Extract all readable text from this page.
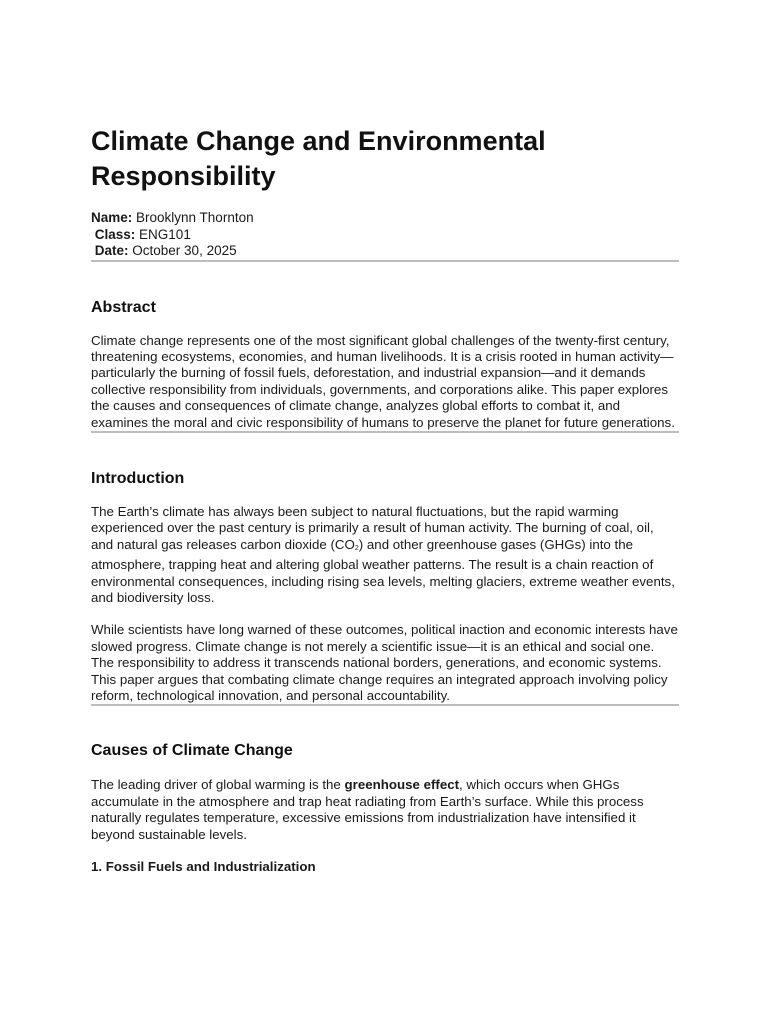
Climate Change and Environmental Responsibility
Name: Brooklynn Thornton
Class: ENG101
Date: October 30, 2025
Abstract

Climate change represents one of the most significant global challenges of the twenty-first century, threatening ecosystems, economies, and human livelihoods. It is a crisis rooted in human activity—particularly the burning of fossil fuels, deforestation, and industrial expansion—and it demands collective responsibility from individuals, governments, and corporations alike. This paper explores the causes and consequences of climate change, analyzes global efforts to combat it, and examines the moral and civic responsibility of humans to preserve the planet for future generations.

Introduction

The Earth’s climate has always been subject to natural fluctuations, but the rapid warming experienced over the past century is primarily a result of human activity. The burning of coal, oil, and natural gas releases carbon dioxide $(CO_2)$ and other greenhouse gases (GHGs) into the atmosphere, trapping heat and altering global weather patterns. The result is a chain reaction of environmental consequences, including rising sea levels, melting glaciers, extreme weather events, and biodiversity loss.

While scientists have long warned of these outcomes, political inaction and economic interests have slowed progress. Climate change is not merely a scientific issue—it is an ethical and social one. The responsibility to address it transcends national borders, generations, and economic systems. This paper argues that combating climate change requires an integrated approach involving policy reform, technological innovation, and personal accountability.

Causes of Climate Change

The leading driver of global warming is the greenhouse effect, which occurs when GHGs accumulate in the atmosphere and trap heat radiating from Earth’s surface. While this process naturally regulates temperature, excessive emissions from industrialization have intensified it beyond sustainable levels.

1. Fossil Fuels and Industrialization
